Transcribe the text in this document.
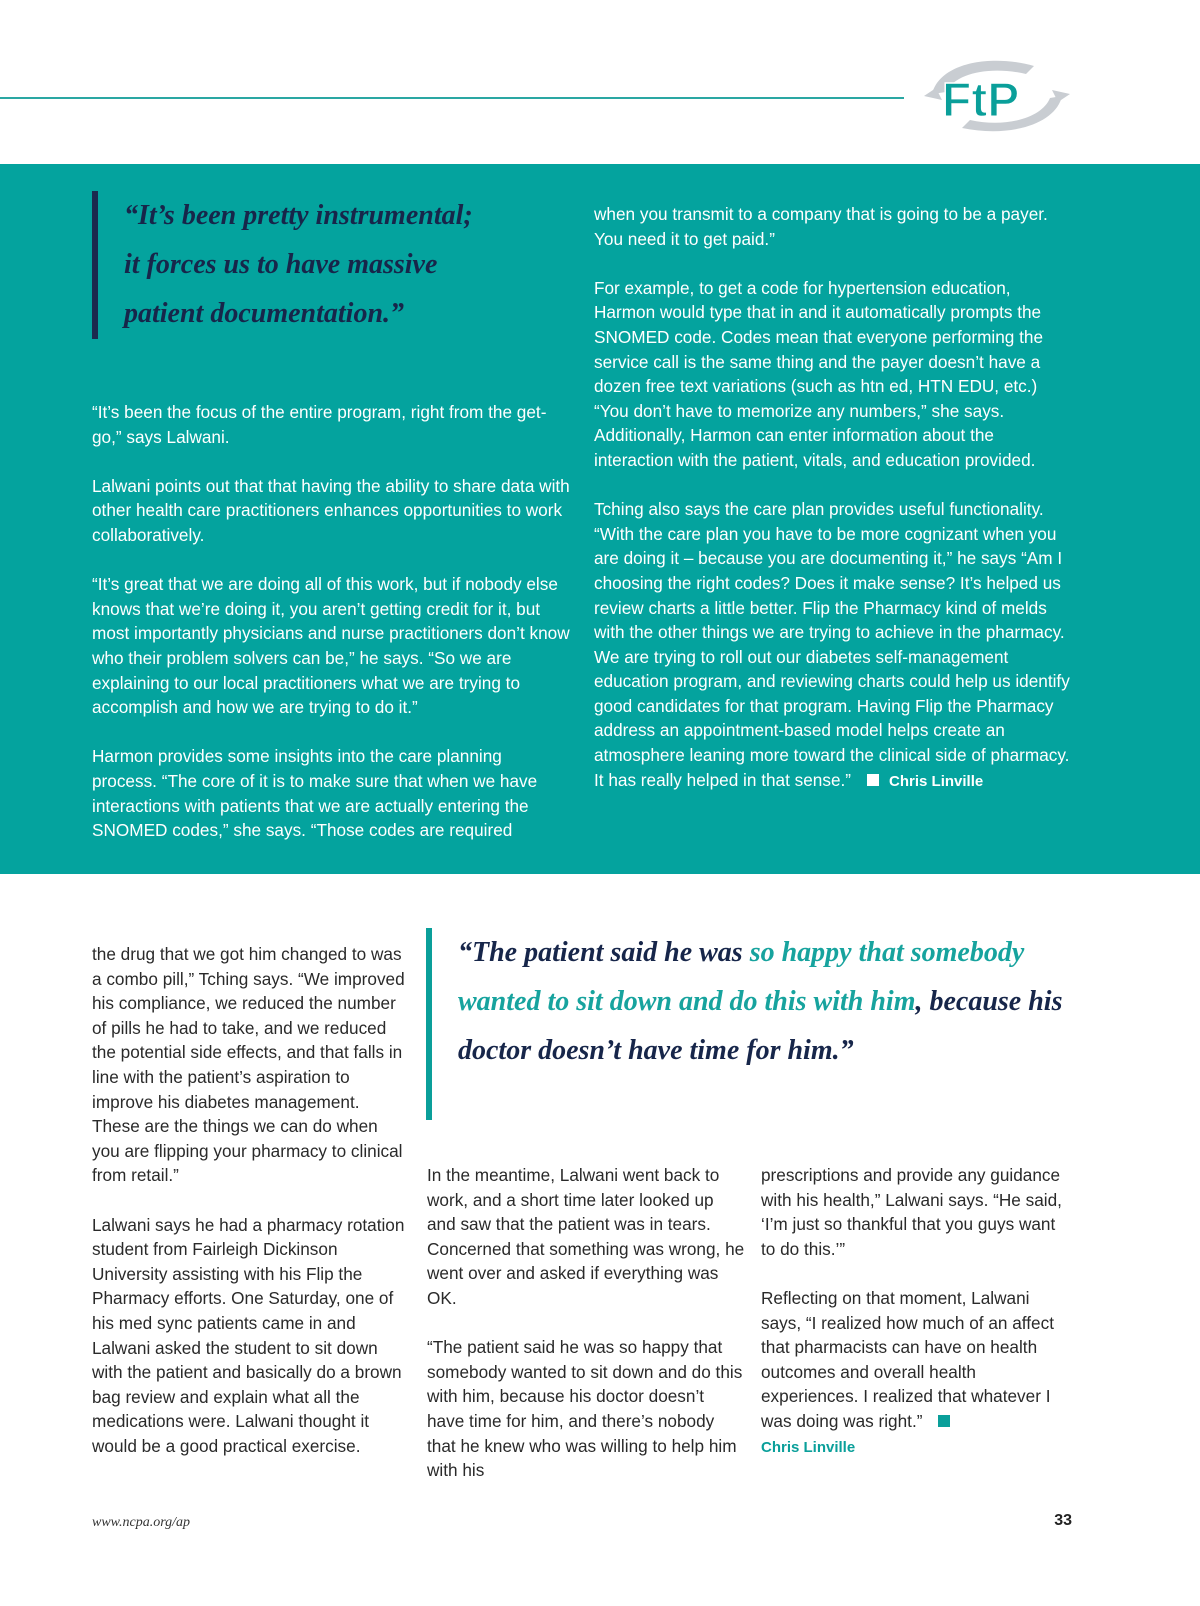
FtP

“It’s been pretty instrumental;

it forces us to have massive

patient documentation.”

“It’s been the focus of the entire program, right from the get-go,” says Lalwani.

Lalwani points out that that having the ability to share data with other health care practitioners enhances opportunities to work collaboratively.

“It’s great that we are doing all of this work, but if nobody else knows that we’re doing it, you aren’t getting credit for it, but most importantly physicians and nurse practitioners don’t know who their problem solvers can be,” he says. “So we are explaining to our local practitioners what we are trying to accomplish and how we are trying to do it.”

Harmon provides some insights into the care planning process. “The core of it is to make sure that when we have interactions with patients that we are actually entering the SNOMED codes,” she says. “Those codes are required

when you transmit to a company that is going to be a payer. You need it to get paid.”

For example, to get a code for hypertension education, Harmon would type that in and it automatically prompts the SNOMED code. Codes mean that everyone performing the service call is the same thing and the payer doesn’t have a dozen free text variations (such as htn ed, HTN EDU, etc.) “You don’t have to memorize any numbers,” she says. Additionally, Harmon can enter information about the interaction with the patient, vitals, and education provided.

Tching also says the care plan provides useful functionality. “With the care plan you have to be more cognizant when you are doing it – because you are documenting it,” he says “Am I choosing the right codes? Does it make sense? It’s helped us review charts a little better. Flip the Pharmacy kind of melds with the other things we are trying to achieve in the pharmacy. We are trying to roll out our diabetes self-management education program, and reviewing charts could help us identify good candidates for that program. Having Flip the Pharmacy address an appointment-based model helps create an atmosphere leaning more toward the clinical side of pharmacy. It has really helped in that sense.”	Chris Linville

the drug that we got him changed to was a combo pill,” Tching says. “We improved his compliance, we reduced the number of pills he had to take, and we reduced the potential side effects, and that falls in line with the patient’s aspiration to improve his diabetes management. These are the things we can do when you are flipping your pharmacy to clinical from retail.”

Lalwani says he had a pharmacy rotation student from Fairleigh Dickinson University assisting with his Flip the Pharmacy efforts. One Saturday, one of his med sync patients came in and Lalwani asked the student to sit down with the patient and basically do a brown bag review and explain what all the medications were. Lalwani thought it would be a good practical exercise.

“The patient said he was so happy that somebody wanted to sit down and do this with him, because his doctor doesn’t have time for him.”

In the meantime, Lalwani went back to work, and a short time later looked up and saw that the patient was in tears. Concerned that something was wrong, he went over and asked if everything was OK.

“The patient said he was so happy that somebody wanted to sit down and do this with him, because his doctor doesn’t have time for him, and there’s nobody that he knew who was willing to help him with his

prescriptions and provide any guidance with his health,” Lalwani says. “He said, ‘I’m just so thankful that you guys want to do this.’”

Reflecting on that moment, Lalwani says, “I realized how much of an affect that pharmacists can have on health outcomes and overall health experiences. I realized that whatever I was doing was right.”
Chris Linville

www.ncpa.org/ap	33
